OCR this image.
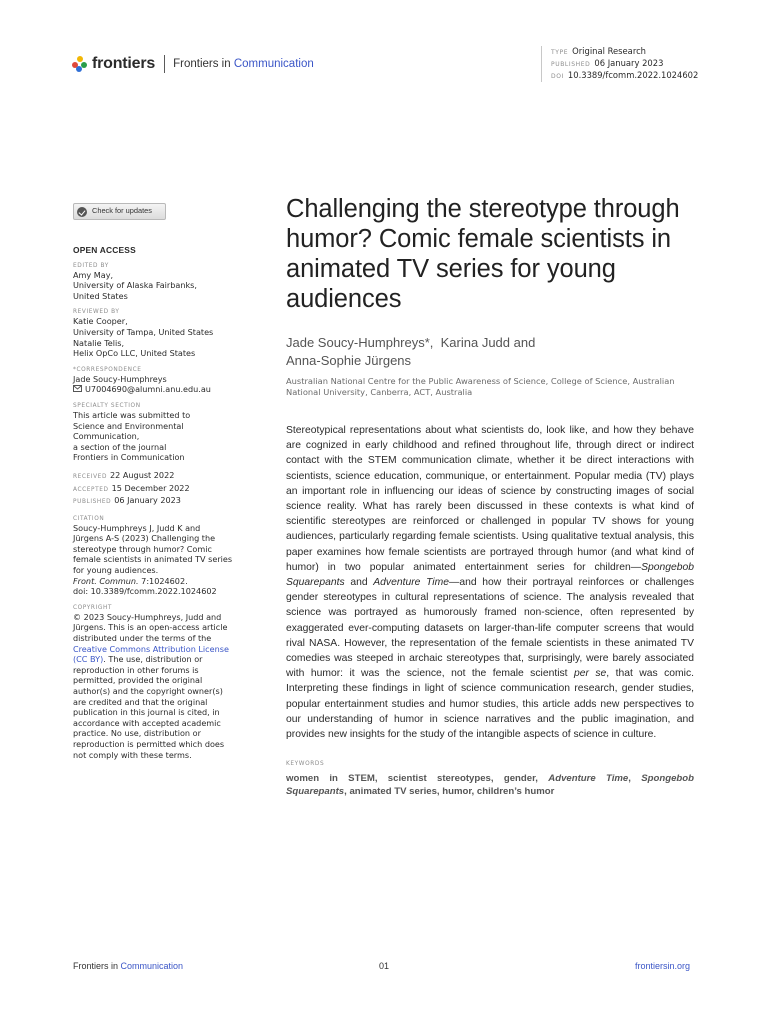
frontiers Frontiers in Communication
TYPE Original Research
PUBLISHED 06 January 2023
DOI 10.3389/fcomm.2022.1024602
Check for updates
OPEN ACCESS
EDITED BY
Amy May,
University of Alaska Fairbanks,
United States
REVIEWED BY
Katie Cooper,
University of Tampa, United States
Natalie Telis,
Helix OpCo LLC, United States
*CORRESPONDENCE
Jade Soucy-Humphreys
U7004690@alumni.anu.edu.au
SPECIALTY SECTION
This article was submitted to
Science and Environmental
Communication,
a section of the journal
Frontiers in Communication
RECEIVED 22 August 2022
ACCEPTED 15 December 2022
PUBLISHED 06 January 2023
CITATION
Soucy-Humphreys J, Judd K and
Jürgens A-S (2023) Challenging the
stereotype through humor? Comic
female scientists in animated TV series
for young audiences.
Front. Commun. 7:1024602.
doi: 10.3389/fcomm.2022.1024602
COPYRIGHT
© 2023 Soucy-Humphreys, Judd and
Jürgens. This is an open-access article
distributed under the terms of the
Creative Commons Attribution License
(CC BY). The use, distribution or
reproduction in other forums is
permitted, provided the original
author(s) and the copyright owner(s)
are credited and that the original
publication in this journal is cited, in
accordance with accepted academic
practice. No use, distribution or
reproduction is permitted which does
not comply with these terms.
Challenging the stereotype through humor? Comic female scientists in animated TV series for young audiences
Jade Soucy-Humphreys*, Karina Judd and
Anna-Sophie Jürgens
Australian National Centre for the Public Awareness of Science, College of Science, Australian National University, Canberra, ACT, Australia
Stereotypical representations about what scientists do, look like, and how they behave are cognized in early childhood and refined throughout life, through direct or indirect contact with the STEM communication climate, whether it be direct interactions with scientists, science education, communique, or entertainment. Popular media (TV) plays an important role in influencing our ideas of science by constructing images of social science reality. What has rarely been discussed in these contexts is what kind of scientific stereotypes are reinforced or challenged in popular TV shows for young audiences, particularly regarding female scientists. Using qualitative textual analysis, this paper examines how female scientists are portrayed through humor (and what kind of humor) in two popular animated entertainment series for children—Spongebob Squarepants and Adventure Time—and how their portrayal reinforces or challenges gender stereotypes in cultural representations of science. The analysis revealed that science was portrayed as humorously framed non-science, often represented by exaggerated ever-computing datasets on larger-than-life computer screens that would rival NASA. However, the representation of the female scientists in these animated TV comedies was steeped in archaic stereotypes that, surprisingly, were barely associated with humor: it was the science, not the female scientist per se, that was comic. Interpreting these findings in light of science communication research, gender studies, popular entertainment studies and humor studies, this article adds new perspectives to our understanding of humor in science narratives and the public imagination, and provides new insights for the study of the intangible aspects of science in culture.
KEYWORDS
women in STEM, scientist stereotypes, gender, Adventure Time, Spongebob Squarepants, animated TV series, humor, children’s humor
Frontiers in Communication	01	frontiersin.org
